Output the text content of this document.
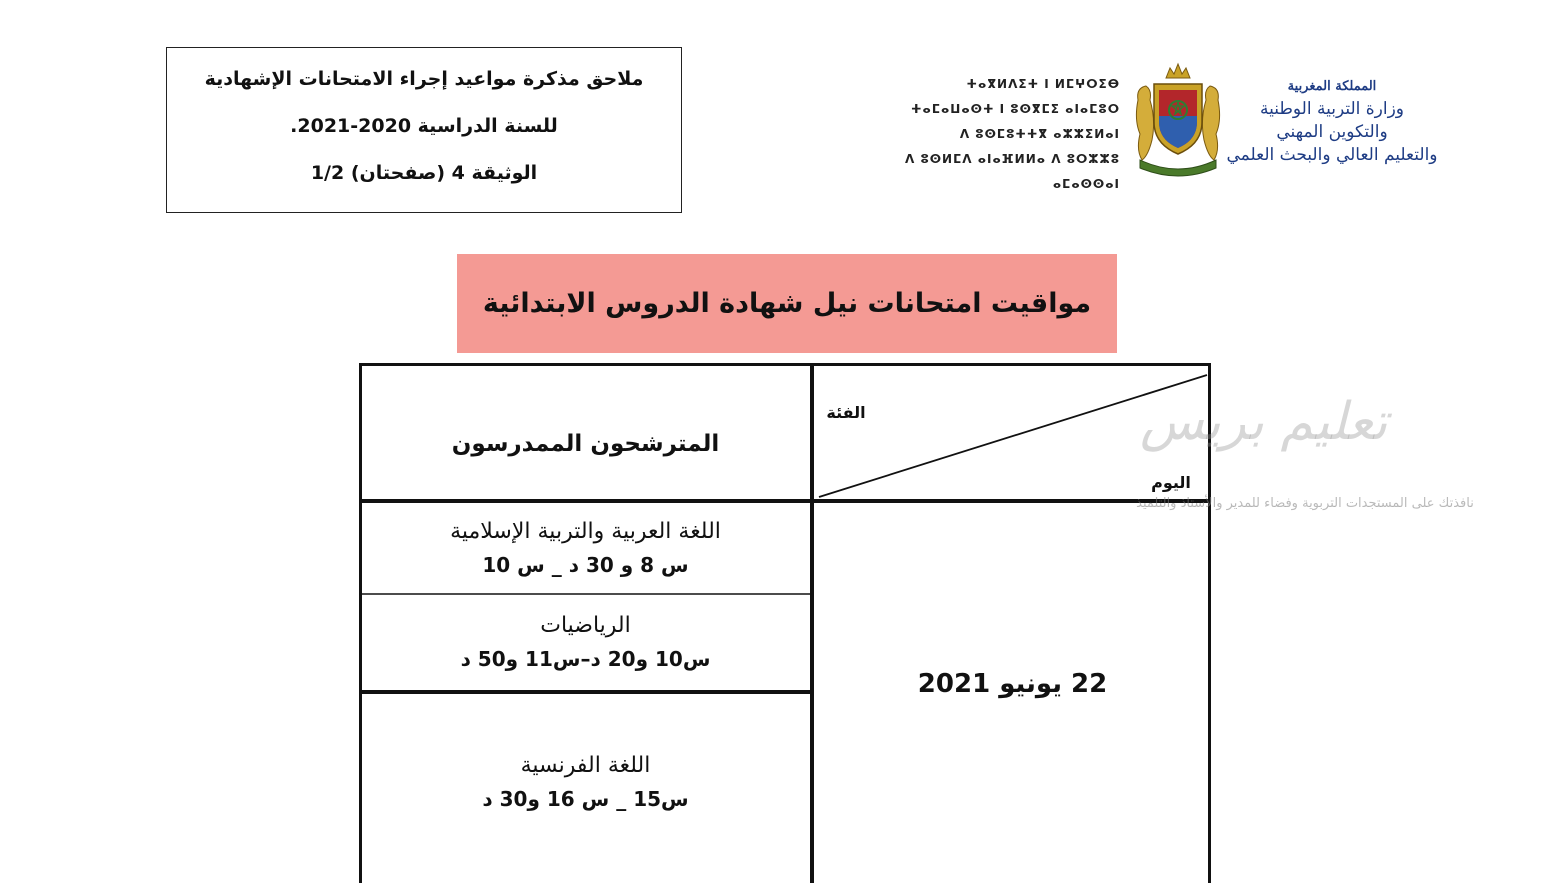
ملاحق مذكرة مواعيد إجراء الامتحانات الإشهادية
للسنة الدراسية 2020-2021.
الوثيقة 4 (صفحتان) 1/2
ⵜⴰⴳⵍⴷⵉⵜ ⵏ ⵍⵎⵖⵔⵉⴱ
ⵜⴰⵎⴰⵡⴰⵙⵜ ⵏ ⵓⵙⴳⵎⵉ ⴰⵏⴰⵎⵓⵔ
ⴷ ⵓⵙⵎⵓⵜⵜⴳ ⴰⵣⵣⵉⵍⴰⵏ
ⴷ ⵓⵙⵍⵎⴷ ⴰⵏⴰⴼⵍⵍⴰ ⴷ ⵓⵔⵣⵣⵓ ⴰⵎⴰⵙⵙⴰⵏ
المملكة المغربية
وزارة التربية الوطنية
والتكوين المهني
والتعليم العالي والبحث العلمي
مواقيت امتحانات نيل شهادة الدروس الابتدائية
المترشحون الممدرسون
الفئة
اليوم
22 يونيو 2021
اللغة العربية والتربية الإسلامية
س 8 و 30 د _ س 10
الرياضيات
س10 و20 د–س11 و50 د
اللغة الفرنسية
س15 _ س 16 و30 د
تعليم بريس
نافذتك على المستجدات التربوية وفضاء للمدير والأستاذ والتلميذ
